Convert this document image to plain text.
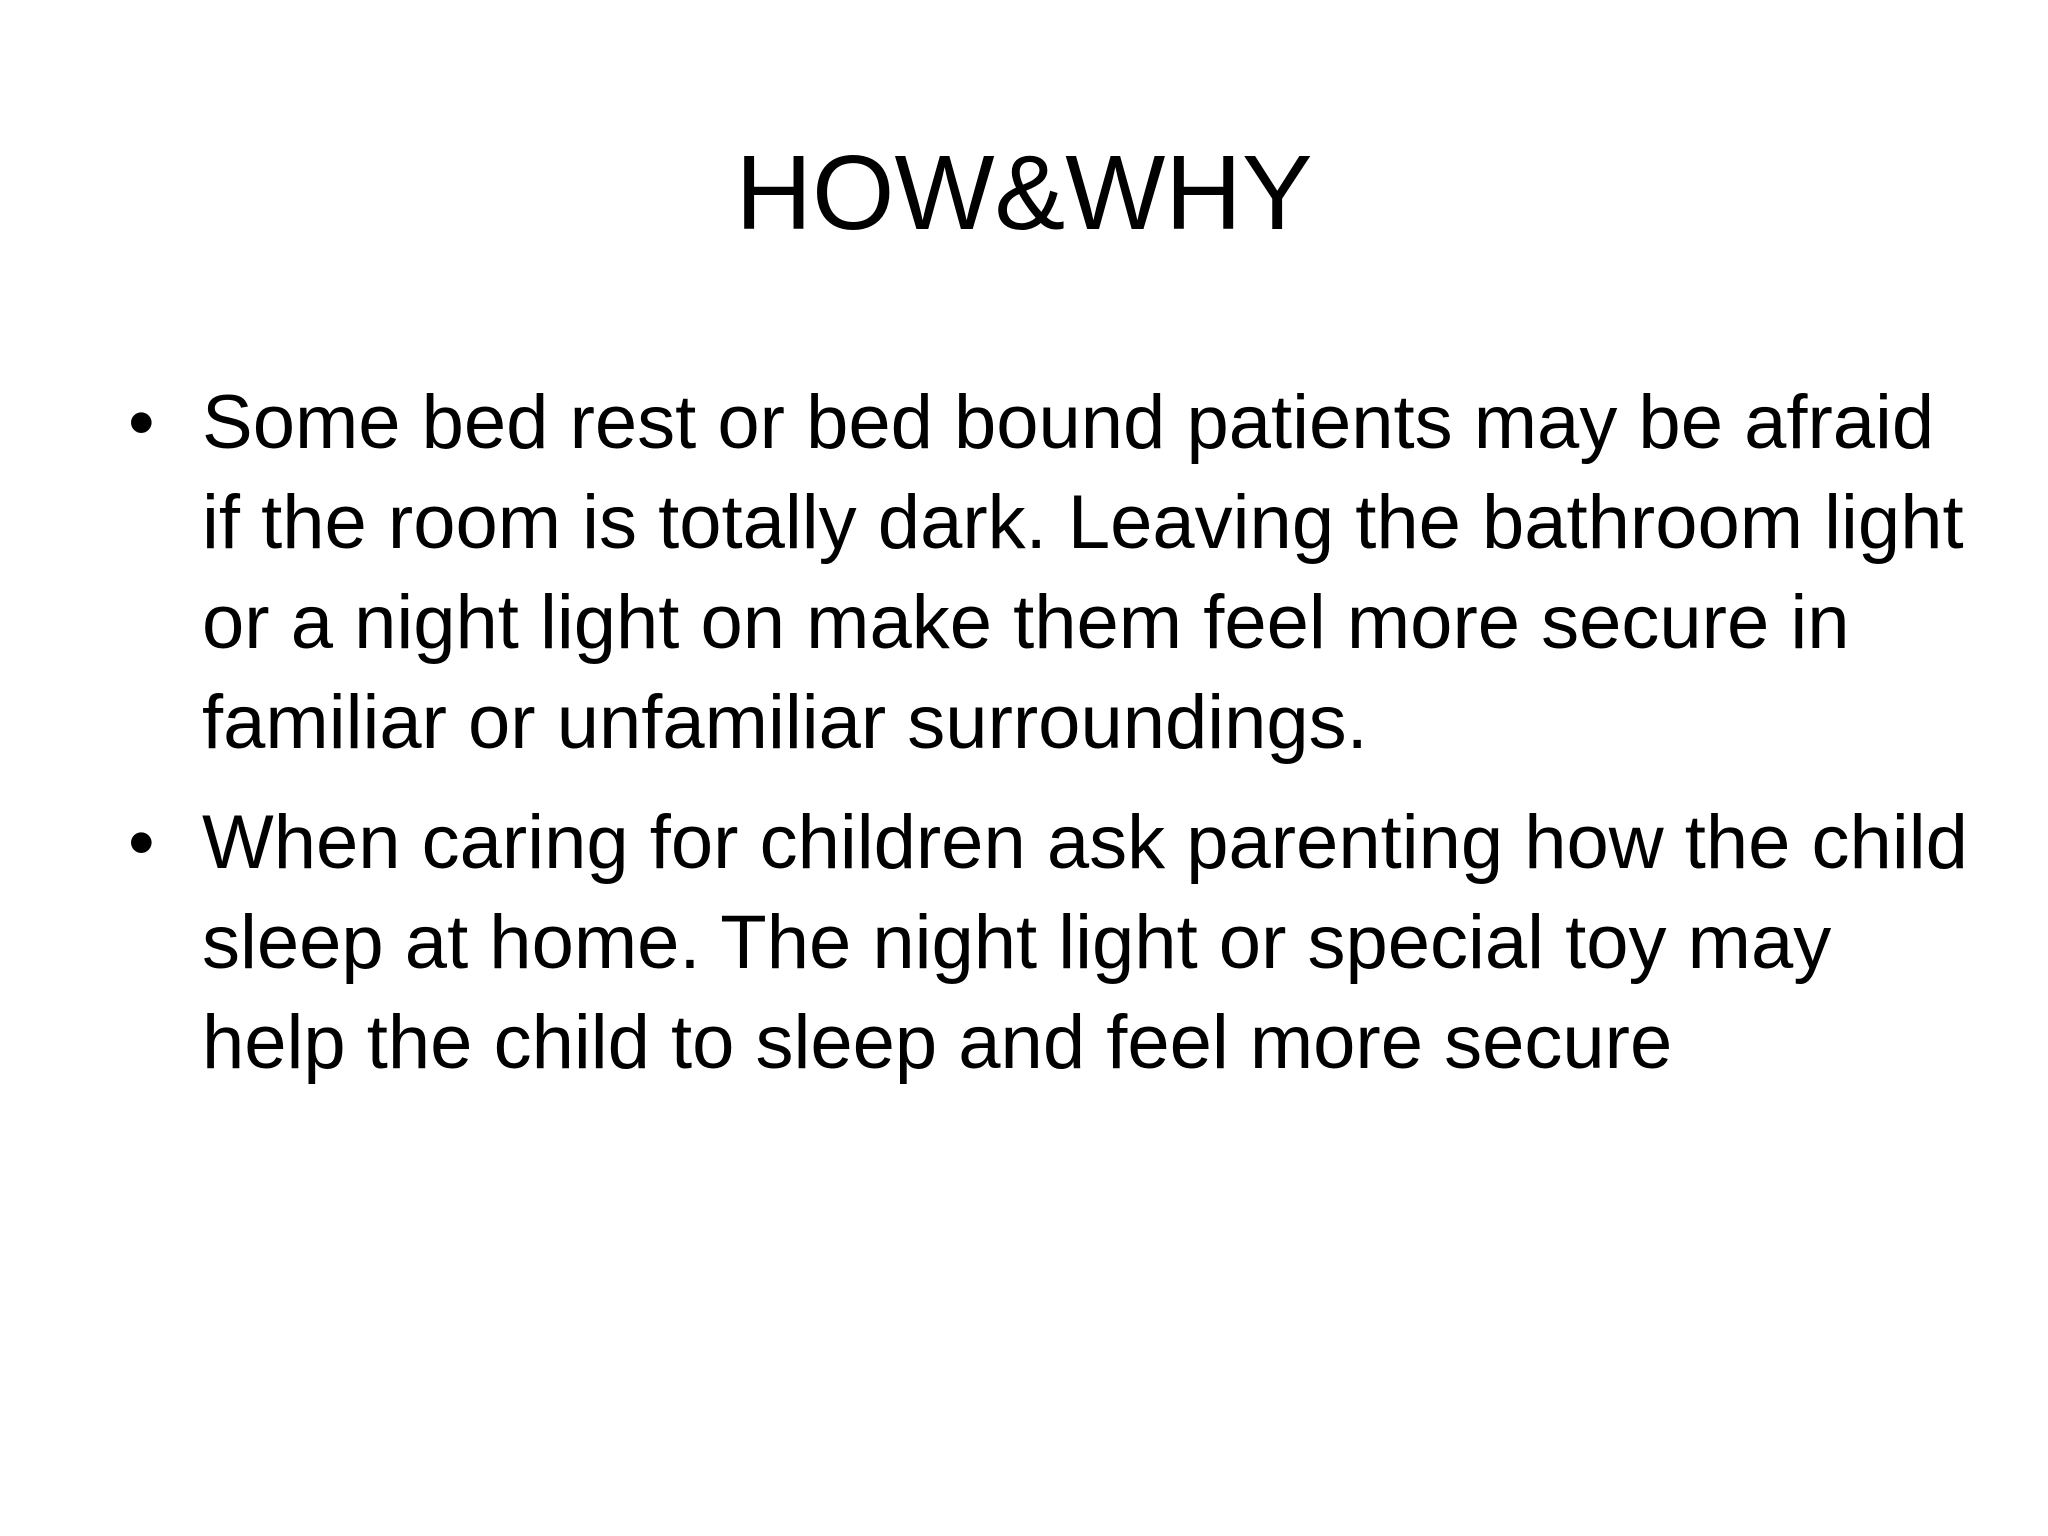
HOW&WHY
• Some bed rest or bed bound patients may be afraid if the room is totally dark. Leaving the bathroom light or a night light on make them feel more secure in familiar or unfamiliar surroundings.
• When caring for children ask parenting how the child sleep at home. The night light or special toy may help the child to sleep and feel more secure
